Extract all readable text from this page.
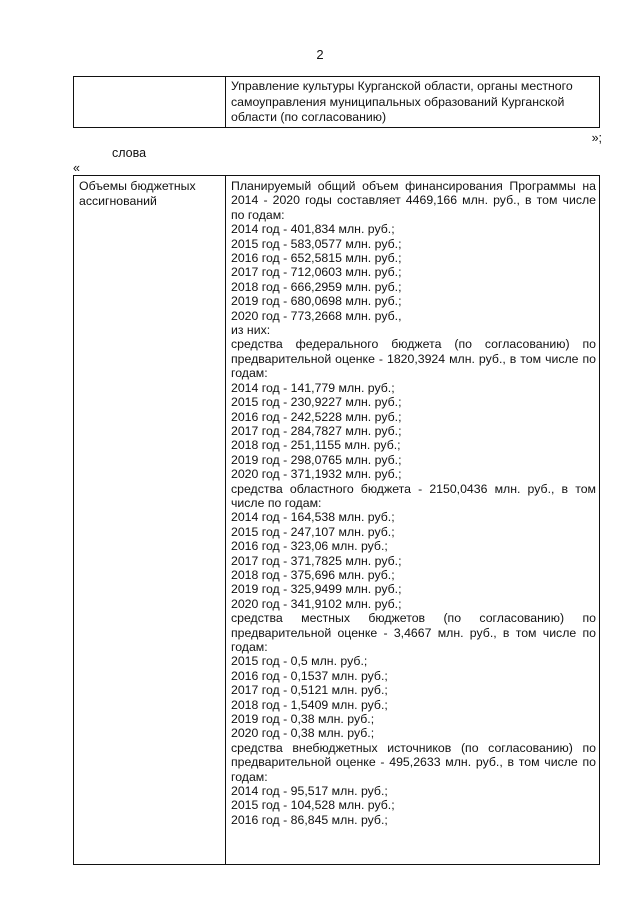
2
Управление культуры Курганской области, органы местного самоуправления муниципальных образований Курганской области (по согласованию)
»;
слова
«
Объемы бюджетных ассигнований
Планируемый общий объем финансирования Программы на 2014 - 2020 годы составляет 4469,166 млн. руб., в том числе по годам:
2014 год - 401,834 млн. руб.;
2015 год - 583,0577 млн. руб.;
2016 год - 652,5815 млн. руб.;
2017 год - 712,0603 млн. руб.;
2018 год - 666,2959 млн. руб.;
2019 год - 680,0698 млн. руб.;
2020 год - 773,2668 млн. руб.,
из них:
средства федерального бюджета (по согласованию) по предварительной оценке - 1820,3924 млн. руб., в том числе по годам:
2014 год - 141,779 млн. руб.;
2015 год - 230,9227 млн. руб.;
2016 год - 242,5228 млн. руб.;
2017 год - 284,7827 млн. руб.;
2018 год - 251,1155 млн. руб.;
2019 год - 298,0765 млн. руб.;
2020 год - 371,1932 млн. руб.;
средства областного бюджета - 2150,0436 млн. руб., в том числе по годам:
2014 год - 164,538 млн. руб.;
2015 год - 247,107 млн. руб.;
2016 год - 323,06 млн. руб.;
2017 год - 371,7825 млн. руб.;
2018 год - 375,696 млн. руб.;
2019 год - 325,9499 млн. руб.;
2020 год - 341,9102 млн. руб.;
средства местных бюджетов (по согласованию) по предварительной оценке - 3,4667 млн. руб., в том числе по годам:
2015 год - 0,5 млн. руб.;
2016 год - 0,1537 млн. руб.;
2017 год - 0,5121 млн. руб.;
2018 год - 1,5409 млн. руб.;
2019 год - 0,38 млн. руб.;
2020 год - 0,38 млн. руб.;
средства внебюджетных источников (по согласованию) по предварительной оценке - 495,2633 млн. руб., в том числе по годам:
2014 год - 95,517 млн. руб.;
2015 год - 104,528 млн. руб.;
2016 год - 86,845 млн. руб.;
